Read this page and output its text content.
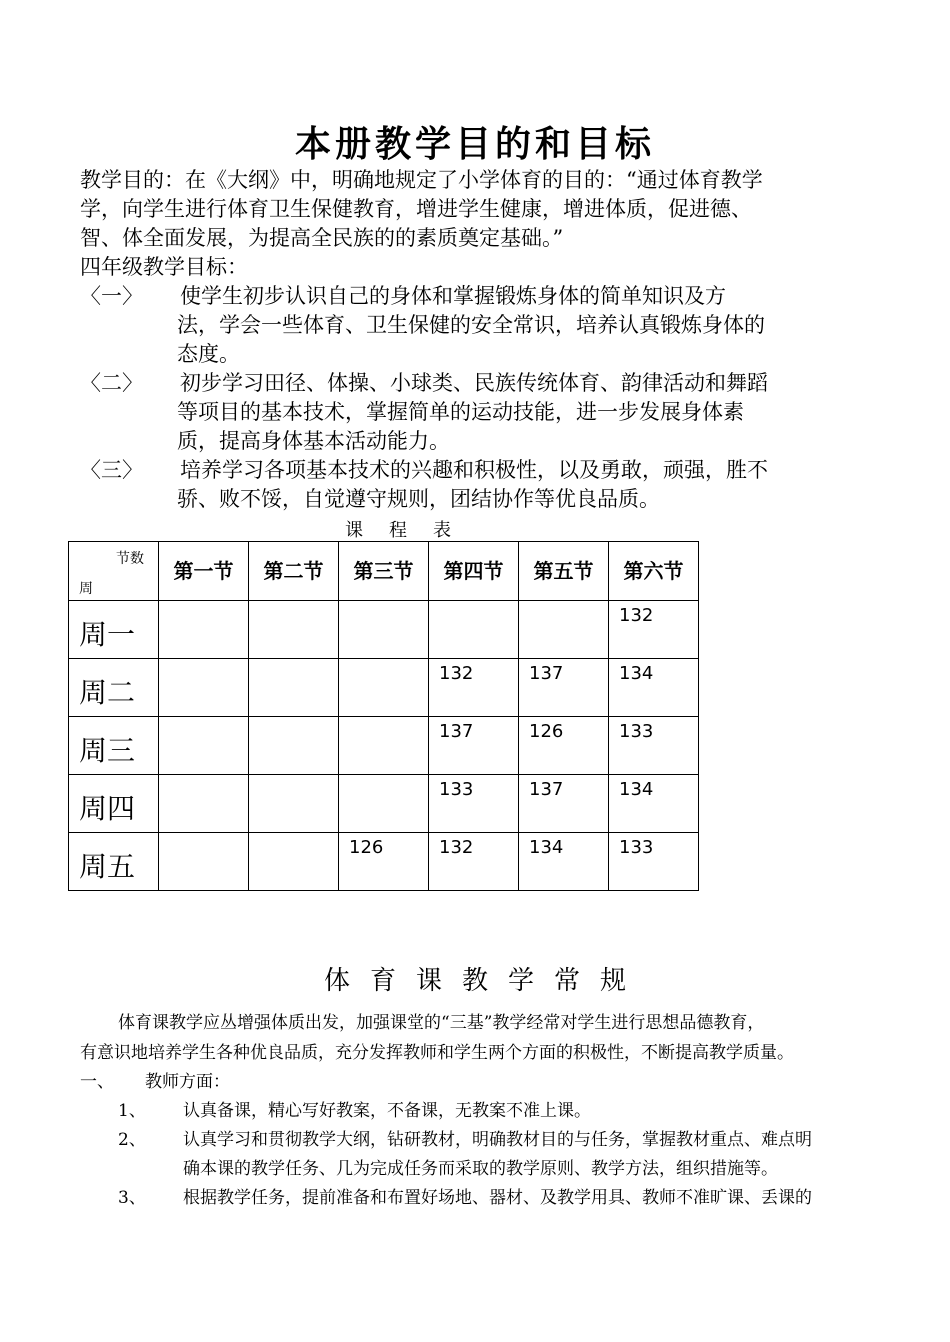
本册教学目的和目标
教学目的：在《大纲》中，明确地规定了小学体育的目的：“通过体育教学
学，向学生进行体育卫生保健教育，增进学生健康，增进体质，促进德、
智、体全面发展，为提高全民族的的素质奠定基础。”
四年级教学目标：
〈一〉 使学生初步认识自己的身体和掌握锻炼身体的简单知识及方
法，学会一些体育、卫生保健的安全常识，培养认真锻炼身体的
态度。
〈二〉 初步学习田径、体操、小球类、民族传统体育、韵律活动和舞蹈
等项目的基本技术，掌握简单的运动技能，进一步发展身体素
质，提高身体基本活动能力。
〈三〉 培养学习各项基本技术的兴趣和积极性，以及勇敢，顽强，胜不
骄、败不馁，自觉遵守规则，团结协作等优良品质。
课程表
节数
周	第一节	第二节	第三节	第四节	第五节	第六节

周一						132

周二				132	137	134

周三				137	126	133

周四				133	137	134

周五			126	132	134	133
体育课教学常规
体育课教学应丛增强体质出发，加强课堂的“三基”教学经常对学生进行思想品德教育，
有意识地培养学生各种优良品质，充分发挥教师和学生两个方面的积极性，不断提高教学质量。
一、 教师方面：
1、 认真备课，精心写好教案，不备课，无教案不准上课。
2、 认真学习和贯彻教学大纲，钻研教材，明确教材目的与任务，掌握教材重点、难点明
确本课的教学任务、几为完成任务而采取的教学原则、教学方法，组织措施等。
3、 根据教学任务，提前准备和布置好场地、器材、及教学用具、教师不准旷课、丢课的
